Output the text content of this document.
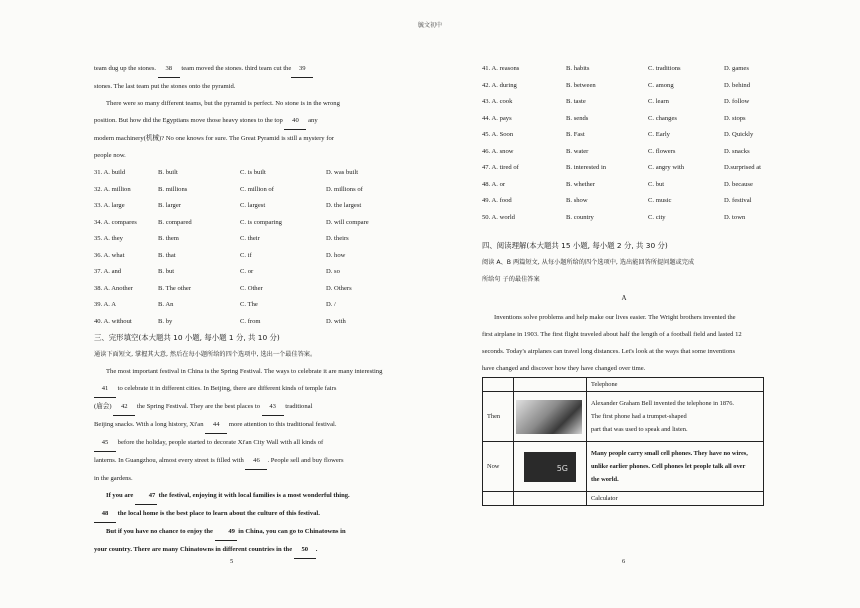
毓文初中

team dug up the stones. 38 team moved the stones. third team cut the 39

stones. The last team put the stones onto the pyramid.

There were so many different teams, but the pyramid is perfect. No stone is in the wrong

position. But how did the Egyptians move those heavy stones to the top 40 any

modern machinery(机械)? No one knows for sure. The Great Pyramid is still a mystery for

people now.

31. A. build	B. built	C. is built	D. was built
32. A. million	B. millions	C. million of	D. millions of
33. A. large	B. larger	C. largest	D. the largest
34. A. compares	B. compared	C. is comparing	D. will compare
35. A. they	B. them	C. their	D. theirs
36. A. what	B. that	C. if	D. how
37. A. and	B. but	C. or	D. so
38. A. Another	B. The other	C. Other	D. Others
39. A. A	B. An	C. The	D. /
40. A. without	B. by	C. from	D. with

三、完形填空(本大题共 10 小题, 每小题 1 分, 共 10 分)

通读下面短文, 掌握其大意, 然后在每小题所给的四个选项中, 选出一个最佳答案。

The most important festival in China is the Spring Festival. The ways to celebrate it are many interesting

41 to celebrate it in different cities. In Beijing, there are different kinds of temple fairs

(庙会) 42 the Spring Festival. They are the best places to 43 traditional

Beijing snacks. With a long history, Xi'an 44 more attention to this traditional festival.

45 before the holiday, people started to decorate Xi'an City Wall with all kinds of

lanterns. In Guangzhou, almost every street is filled with 46 . People sell and buy flowers

in the gardens.

If you are 47 the festival, enjoying it with local families is a most wonderful thing.

48 the local home is the best place to learn about the culture of this festival.

But if you have no chance to enjoy the 49 in China, you can go to Chinatowns in

your country. There are many Chinatowns in different countries in the 50 .

5
41. A. reasons	B. habits	C. traditions	D. games
42. A. during	B. between	C. among	D. behind
43. A. cook	B. taste	C. learn	D. follow
44. A. pays	B. sends	C. changes	D. stops
45. A. Soon	B. Fast	C. Early	D. Quickly
46. A. snow	B. water	C. flowers	D. snacks
47. A. tired of	B. interested in	C. angry with	D.surprised at
48. A. or	B. whether	C. but	D. because
49. A. food	B. show	C. music	D. festival
50. A. world	B. country	C. city	D. town

四、阅读理解(本大题共 15 小题, 每小题 2 分, 共 30 分)

阅读 A、B 两篇短文, 从每小题所给的四个选项中, 选出能回答所提问题或完成

所给句 子的最佳答案

A

Inventions solve problems and help make our lives easier. The Wright brothers invented the

first airplane in 1903. The first flight traveled about half the length of a football field and lasted 12

seconds. Today's airplanes can travel long distances. Let's look at the ways that some inventions

have changed and discover how they have changed over time.

		Telephone
Then		Alexander Graham Bell invented the telephone in 1876.
The first phone had a trumpet-shaped
part that was used to speak and listen.

Now	5G	Many people carry small cell phones. They have no wires,
unlike earlier phones. Cell phones let people talk all over
the world.

		Calculator
6
